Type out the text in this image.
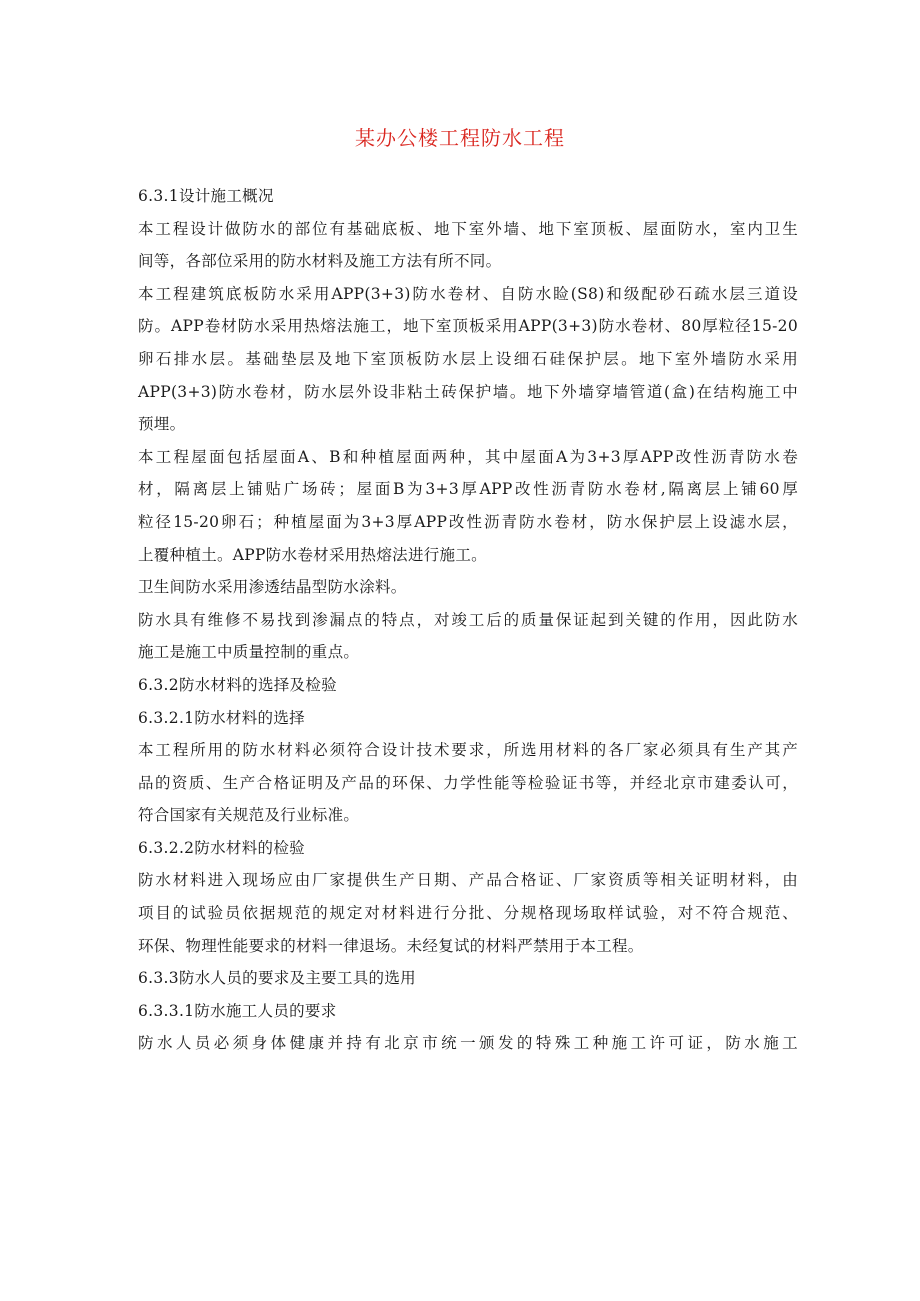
某办公楼工程防水工程
6.3.1设计施工概况
本工程设计做防水的部位有基础底板、地下室外墙、地下室顶板、屋面防水，室内卫生
间等，各部位采用的防水材料及施工方法有所不同。
本工程建筑底板防水采用APP(3+3)防水卷材、自防水睑(S8)和级配砂石疏水层三道设
防。APP卷材防水采用热熔法施工，地下室顶板采用APP(3+3)防水卷材、80厚粒径15-20
卵石排水层。基础垫层及地下室顶板防水层上设细石硅保护层。地下室外墙防水采用
APP(3+3)防水卷材，防水层外设非粘土砖保护墙。地下外墙穿墙管道(盒)在结构施工中
预埋。
本工程屋面包括屋面A、B和种植屋面两种，其中屋面A为3+3厚APP改性沥青防水卷
材，隔离层上铺贴广场砖；屋面B为3+3厚APP改性沥青防水卷材,隔离层上铺60厚
粒径15-20卵石；种植屋面为3+3厚APP改性沥青防水卷材，防水保护层上设滤水层，
上覆种植土。APP防水卷材采用热熔法进行施工。
卫生间防水采用渗透结晶型防水涂料。
防水具有维修不易找到渗漏点的特点，对竣工后的质量保证起到关键的作用，因此防水
施工是施工中质量控制的重点。
6.3.2防水材料的选择及检验
6.3.2.1防水材料的选择
本工程所用的防水材料必须符合设计技术要求，所选用材料的各厂家必须具有生产其产
品的资质、生产合格证明及产品的环保、力学性能等检验证书等，并经北京市建委认可，
符合国家有关规范及行业标准。
6.3.2.2防水材料的检验
防水材料进入现场应由厂家提供生产日期、产品合格证、厂家资质等相关证明材料，由
项目的试验员依据规范的规定对材料进行分批、分规格现场取样试验，对不符合规范、
环保、物理性能要求的材料一律退场。未经复试的材料严禁用于本工程。
6.3.3防水人员的要求及主要工具的选用
6.3.3.1防水施工人员的要求
防水人员必须身体健康并持有北京市统一颁发的特殊工种施工许可证，防水施工
